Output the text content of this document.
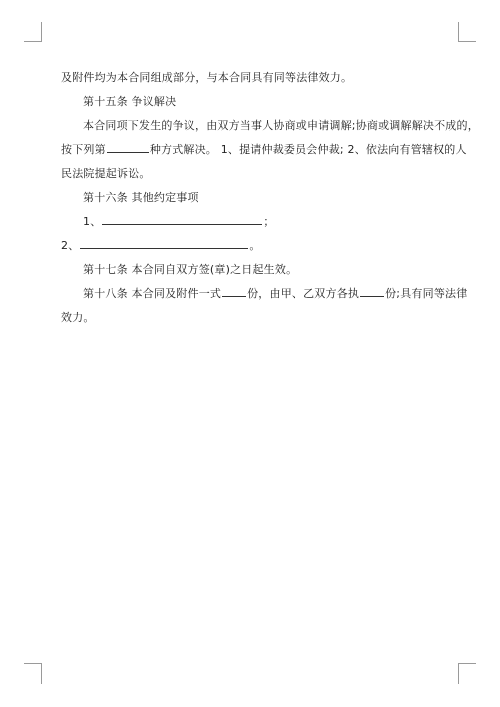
及附件均为本合同组成部分，与本合同具有同等法律效力。
第十五条 争议解决
本合同项下发生的争议，由双方当事人协商或申请调解;协商或调解解决不成的，
按下列第	种方式解决。 1、提请仲裁委员会仲裁; 2、依法向有管辖权的人
民法院提起诉讼。
第十六条 其他约定事项
1、	；
2、	。
第十七条 本合同自双方签(章)之日起生效。
第十八条 本合同及附件一式 份，由甲、乙双方各执 份;具有同等法律
效力。
